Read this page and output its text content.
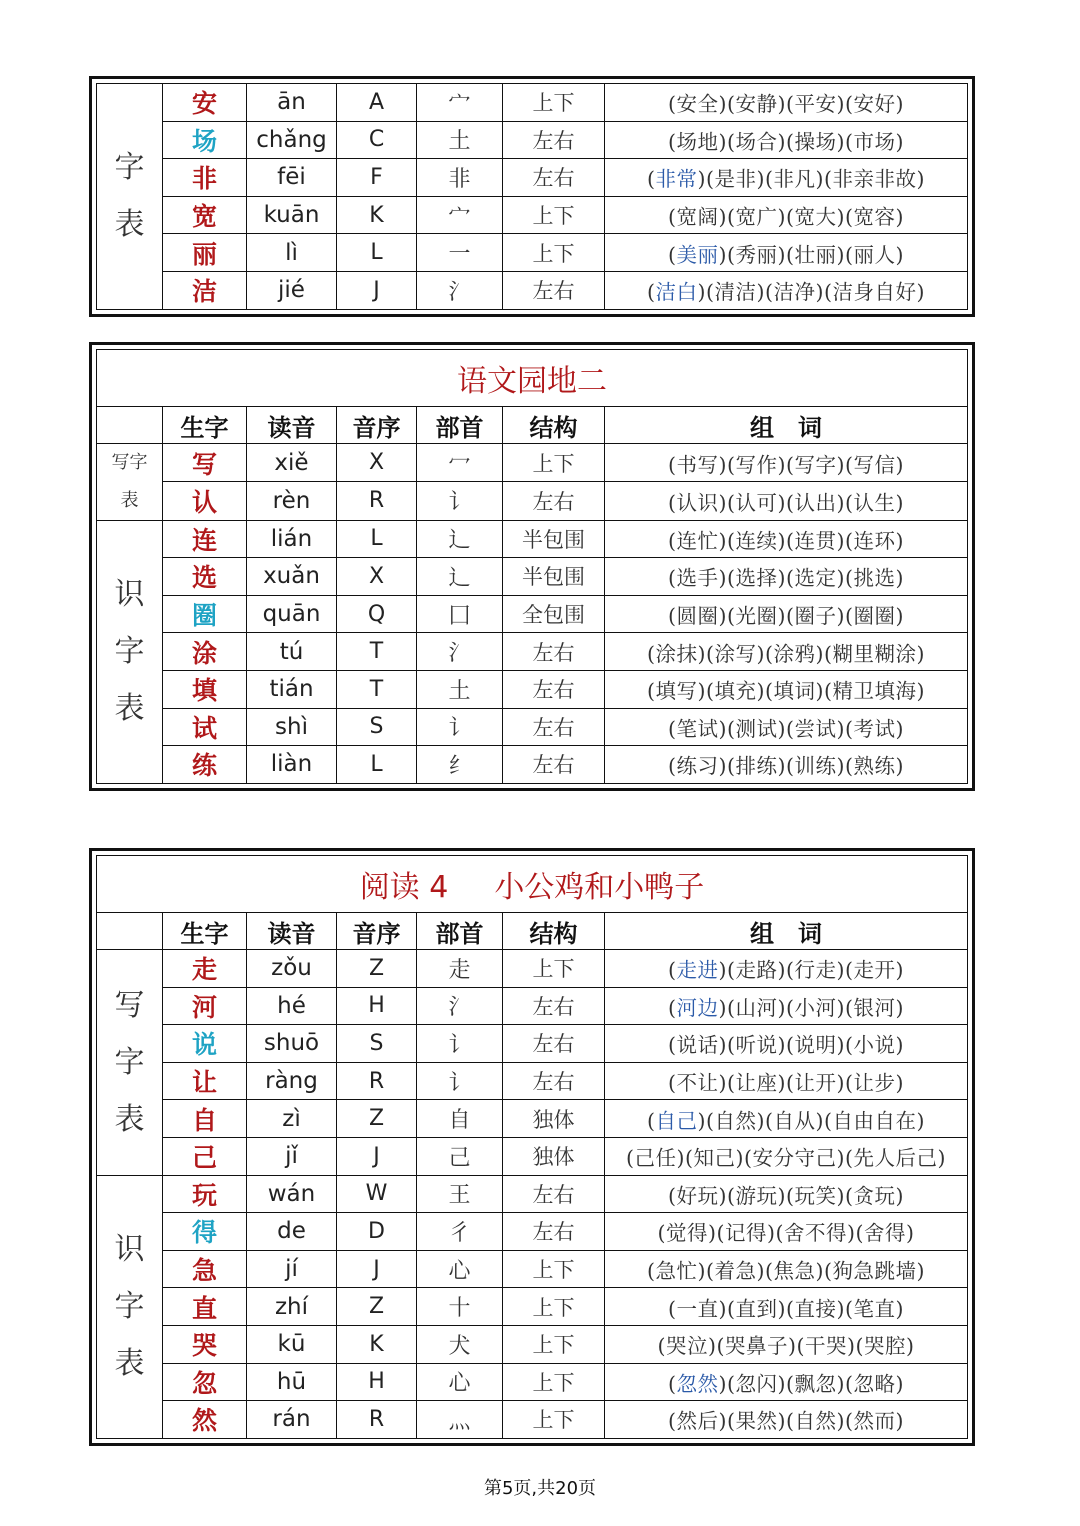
字
表	安	ān	A	宀	上下	(安全)(安静)(平安)(安好)
	场	chǎng	C	土	左右	(场地)(场合)(操场)(市场)
	非	fēi	F	非	左右	(非常)(是非)(非凡)(非亲非故)
	宽	kuān	K	宀	上下	(宽阔)(宽广)(宽大)(宽容)
	丽	lì	L	一	上下	(美丽)(秀丽)(壮丽)(丽人)
	洁	jié	J	氵	左右	(洁白)(清洁)(洁净)(洁身自好)
语文园地二						
	生字	读音	音序	部首	结构	组　词
写字
表	写	xiě	X	冖	上下	(书写)(写作)(写字)(写信)
	认	rèn	R	讠	左右	(认识)(认可)(认出)(认生)
识
字
表	连	lián	L	辶	半包围	(连忙)(连续)(连贯)(连环)
	选	xuǎn	X	辶	半包围	(选手)(选择)(选定)(挑选)
	圈	quān	Q	囗	全包围	(圆圈)(光圈)(圈子)(圈圈)
	涂	tú	T	氵	左右	(涂抹)(涂写)(涂鸦)(糊里糊涂)
	填	tián	T	土	左右	(填写)(填充)(填词)(精卫填海)
	试	shì	S	讠	左右	(笔试)(测试)(尝试)(考试)
	练	liàn	L	纟	左右	(练习)(排练)(训练)(熟练)
阅读 4 小公鸡和小鸭子						
	生字	读音	音序	部首	结构	组　词
写
字
表	走	zǒu	Z	走	上下	(走进)(走路)(行走)(走开)
	河	hé	H	氵	左右	(河边)(山河)(小河)(银河)
	说	shuō	S	讠	左右	(说话)(听说)(说明)(小说)
	让	ràng	R	讠	左右	(不让)(让座)(让开)(让步)
	自	zì	Z	自	独体	(自己)(自然)(自从)(自由自在)
	己	jǐ	J	己	独体	(己任)(知己)(安分守己)(先人后己)
识
字
表	玩	wán	W	王	左右	(好玩)(游玩)(玩笑)(贪玩)
	得	de	D	彳	左右	(觉得)(记得)(舍不得)(舍得)
	急	jí	J	心	上下	(急忙)(着急)(焦急)(狗急跳墙)
	直	zhí	Z	十	上下	(一直)(直到)(直接)(笔直)
	哭	kū	K	犬	上下	(哭泣)(哭鼻子)(干哭)(哭腔)
	忽	hū	H	心	上下	(忽然)(忽闪)(飘忽)(忽略)
	然	rán	R	灬	上下	(然后)(果然)(自然)(然而)
第5页,共20页
